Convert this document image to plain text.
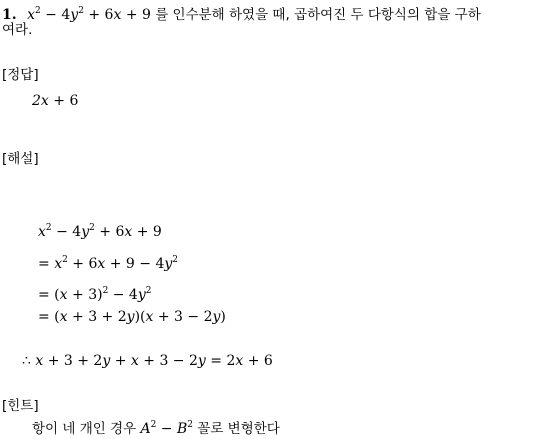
1. $x^2 - 4y^2 + 6x + 9$ 를 인수분해 하였을 때, 곱하여진 두 다항식의 합을 구하
여라.
[정답]
2x + 6
[해설]
$x^2 - 4y^2 + 6x + 9$
= $x^2 + 6x + 9 - 4y^2$
= $(x + 3)^2 - 4y^2$
= (x + 3 + 2y)(x + 3 − 2y)
∴ x + 3 + 2y + x + 3 − 2y = 2x + 6
[힌트]
항이 네 개인 경우 $A^2 - B^2$ 꼴로 변형한다
